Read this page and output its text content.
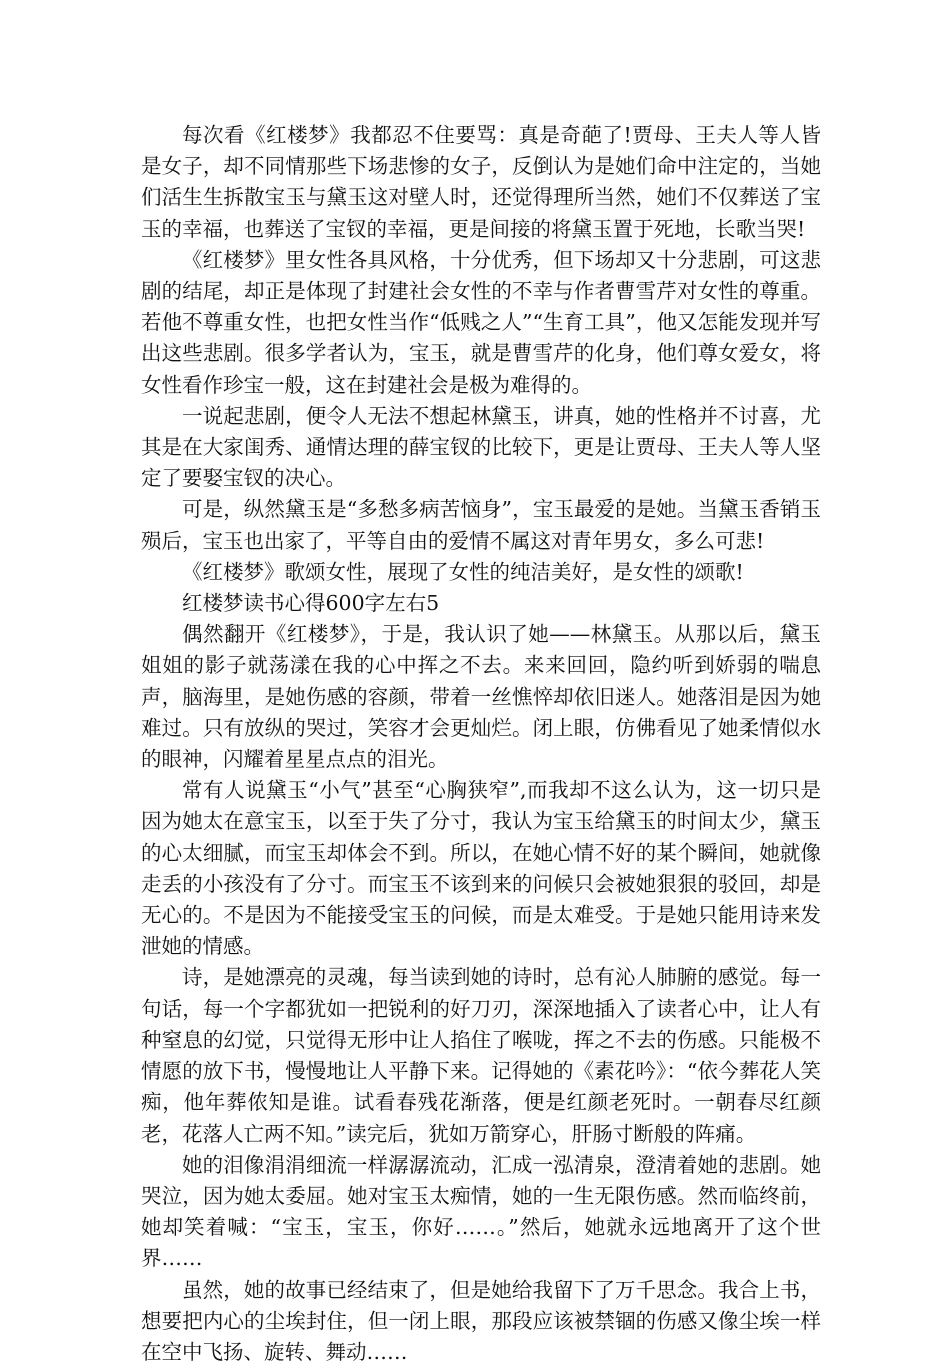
每次看《红楼梦》我都忍不住要骂：真是奇葩了!贾母、王夫人等人皆是女子，却不同情那些下场悲惨的女子，反倒认为是她们命中注定的，当她们活生生拆散宝玉与黛玉这对壁人时，还觉得理所当然，她们不仅葬送了宝玉的幸福，也葬送了宝钗的幸福，更是间接的将黛玉置于死地，长歌当哭!

《红楼梦》里女性各具风格，十分优秀，但下场却又十分悲剧，可这悲剧的结尾，却正是体现了封建社会女性的不幸与作者曹雪芹对女性的尊重。若他不尊重女性，也把女性当作“低贱之人”“生育工具”，他又怎能发现并写出这些悲剧。很多学者认为，宝玉，就是曹雪芹的化身，他们尊女爱女，将女性看作珍宝一般，这在封建社会是极为难得的。

一说起悲剧，便令人无法不想起林黛玉，讲真，她的性格并不讨喜，尤其是在大家闺秀、通情达理的薛宝钗的比较下，更是让贾母、王夫人等人坚定了要娶宝钗的决心。

可是，纵然黛玉是“多愁多病苦恼身”，宝玉最爱的是她。当黛玉香销玉殒后，宝玉也出家了，平等自由的爱情不属这对青年男女，多么可悲!

《红楼梦》歌颂女性，展现了女性的纯洁美好，是女性的颂歌!

红楼梦读书心得600字左右5

偶然翻开《红楼梦》，于是，我认识了她——林黛玉。从那以后，黛玉姐姐的影子就荡漾在我的心中挥之不去。来来回回，隐约听到娇弱的喘息声，脑海里，是她伤感的容颜，带着一丝憔悴却依旧迷人。她落泪是因为她难过。只有放纵的哭过，笑容才会更灿烂。闭上眼，仿佛看见了她柔情似水的眼神，闪耀着星星点点的泪光。

常有人说黛玉“小气”甚至“心胸狭窄”,而我却不这么认为，这一切只是因为她太在意宝玉，以至于失了分寸，我认为宝玉给黛玉的时间太少，黛玉的心太细腻，而宝玉却体会不到。所以，在她心情不好的某个瞬间，她就像走丢的小孩没有了分寸。而宝玉不该到来的问候只会被她狠狠的驳回，却是无心的。不是因为不能接受宝玉的问候，而是太难受。于是她只能用诗来发泄她的情感。

诗，是她漂亮的灵魂，每当读到她的诗时，总有沁人肺腑的感觉。每一句话，每一个字都犹如一把锐利的好刀刃，深深地插入了读者心中，让人有种窒息的幻觉，只觉得无形中让人掐住了喉咙，挥之不去的伤感。只能极不情愿的放下书，慢慢地让人平静下来。记得她的《素花吟》：“依今葬花人笑痴，他年葬侬知是谁。试看春残花渐落，便是红颜老死时。一朝春尽红颜老，花落人亡两不知。”读完后，犹如万箭穿心，肝肠寸断般的阵痛。

她的泪像涓涓细流一样潺潺流动，汇成一泓清泉，澄清着她的悲剧。她哭泣，因为她太委屈。她对宝玉太痴情，她的一生无限伤感。然而临终前，她却笑着喊：“宝玉，宝玉，你好……。”然后，她就永远地离开了这个世界……

虽然，她的故事已经结束了，但是她给我留下了万千思念。我合上书，想要把内心的尘埃封住，但一闭上眼，那段应该被禁锢的伤感又像尘埃一样在空中飞扬、旋转、舞动……
